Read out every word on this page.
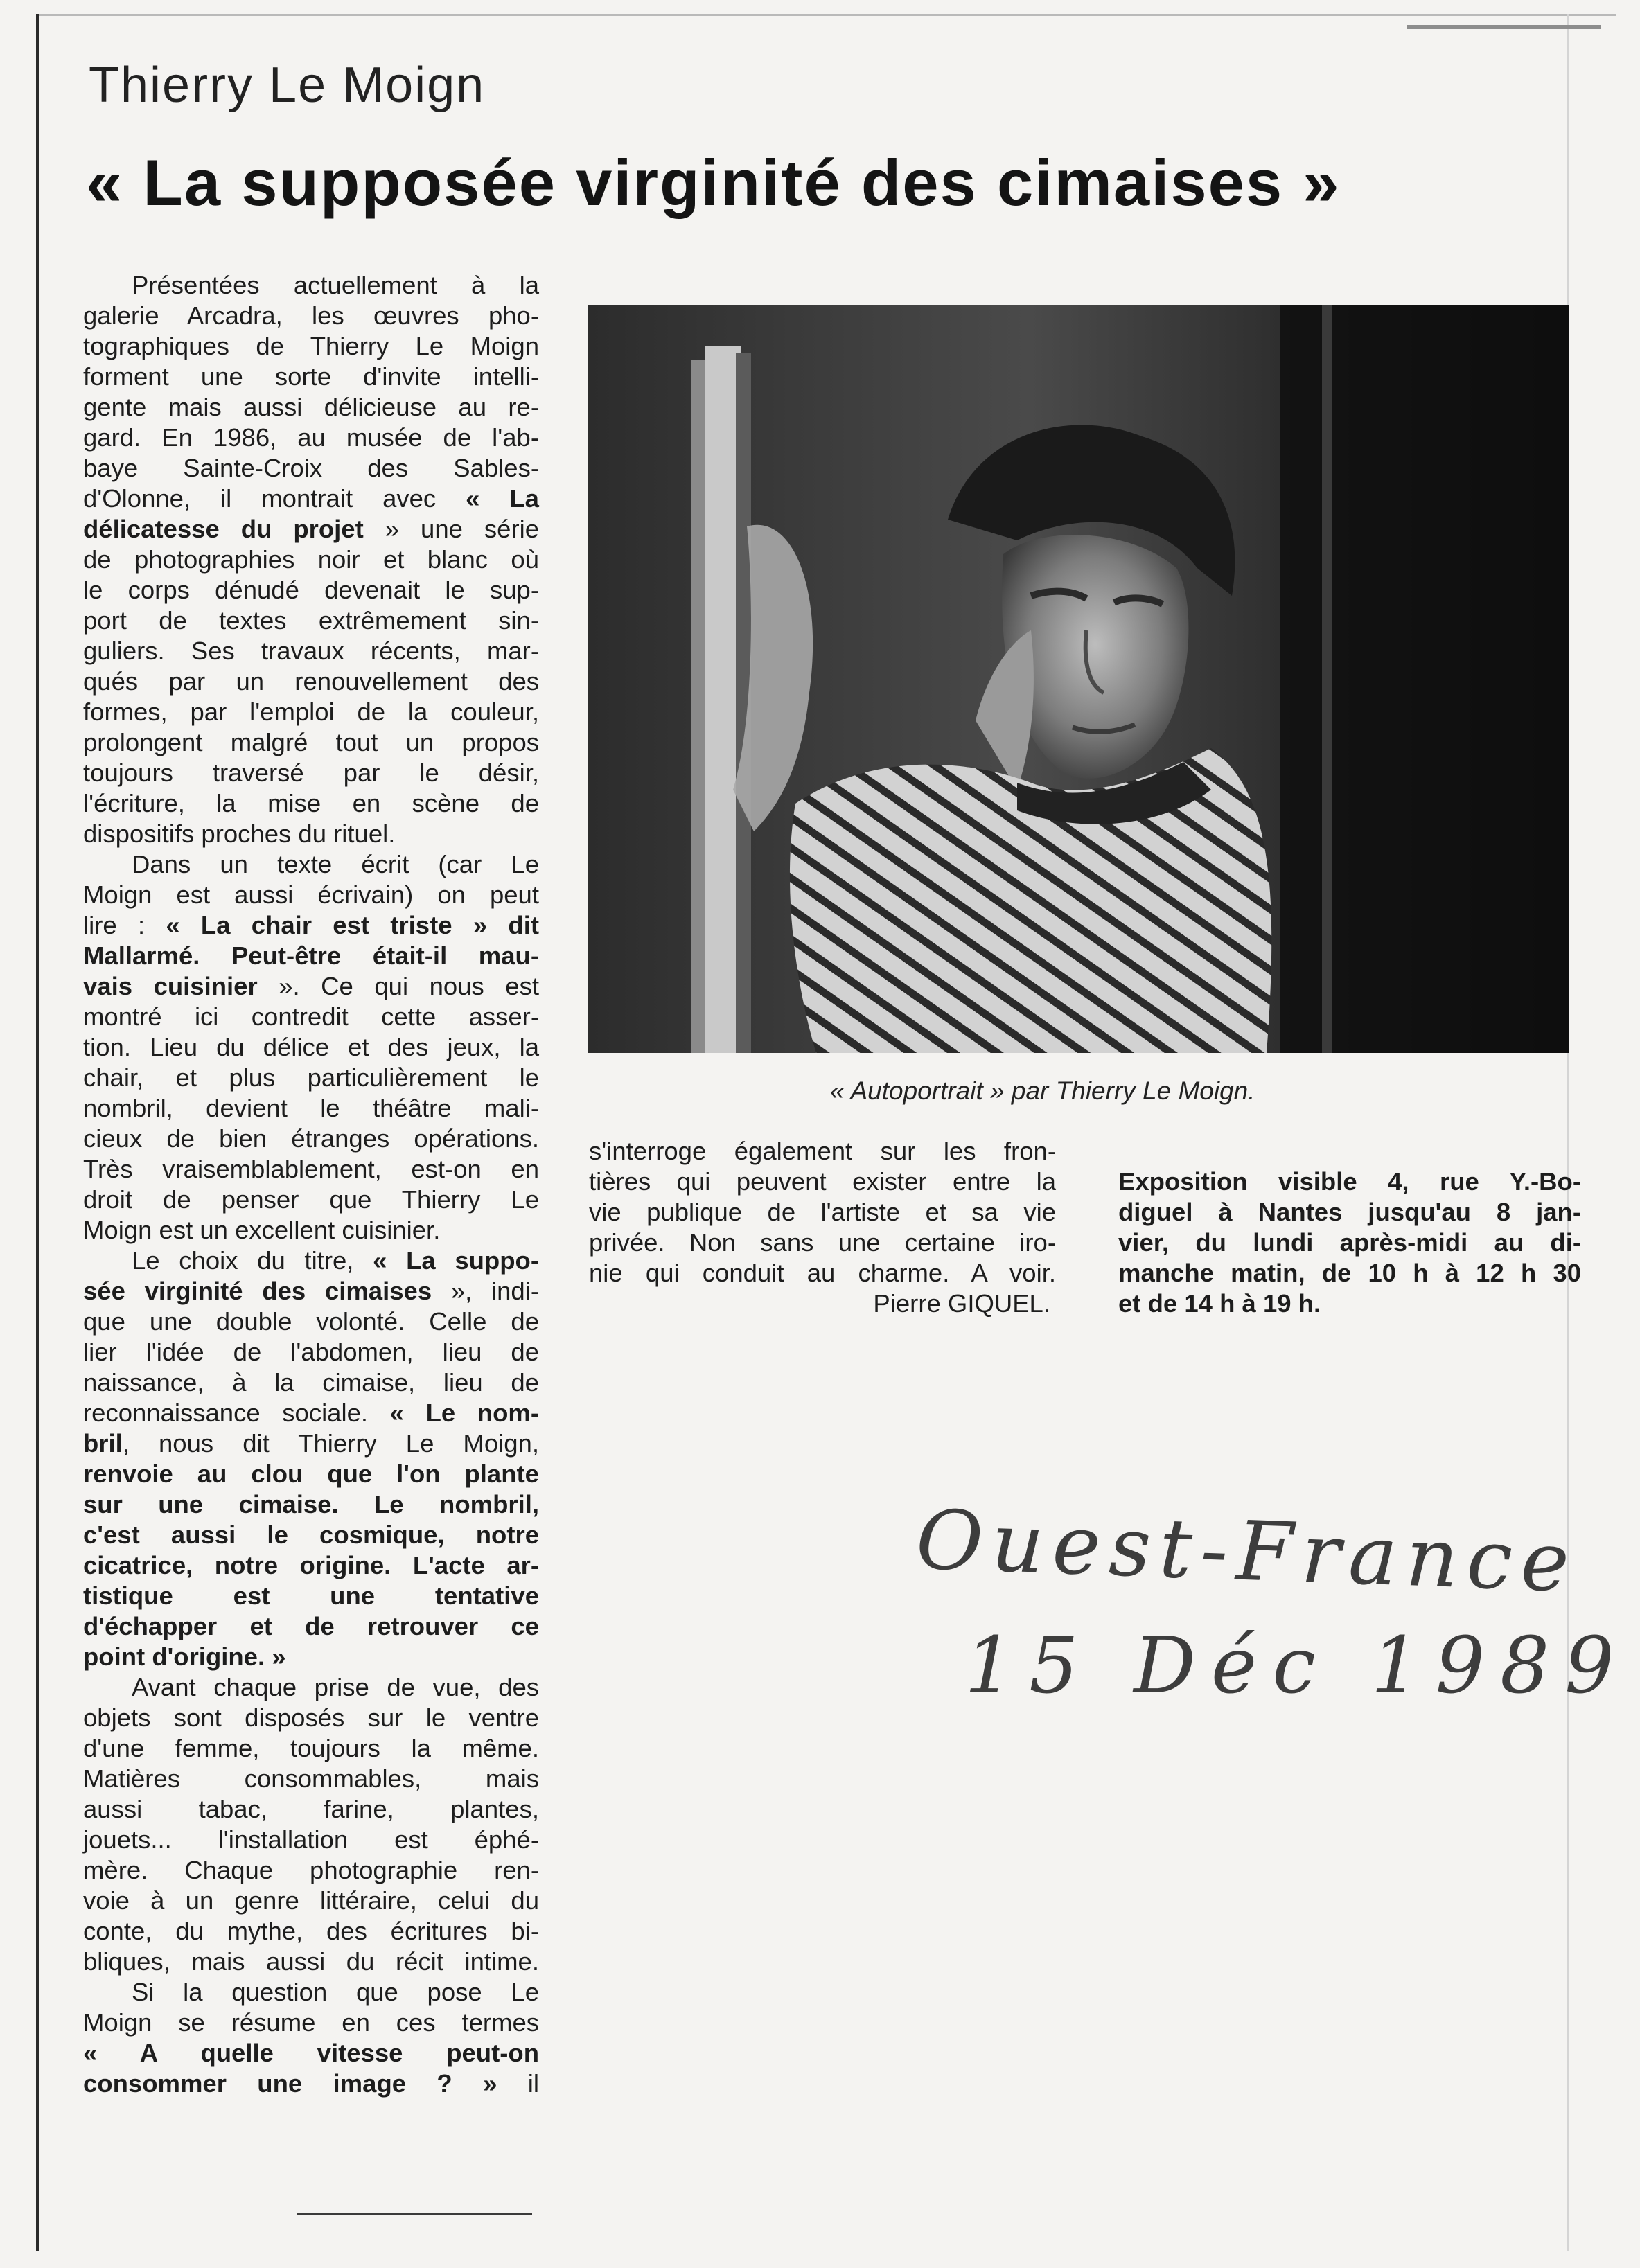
Thierry Le Moign
« La supposée virginité des cimaises »
Présentées actuellement à la
galerie Arcadra, les œuvres pho-
tographiques de Thierry Le Moign
forment une sorte d'invite intelli-
gente mais aussi délicieuse au re-
gard. En 1986, au musée de l'ab-
baye Sainte-Croix des Sables-
d'Olonne, il montrait avec « La
délicatesse du projet » une série
de photographies noir et blanc où
le corps dénudé devenait le sup-
port de textes extrêmement sin-
guliers. Ses travaux récents, mar-
qués par un renouvellement des
formes, par l'emploi de la couleur,
prolongent malgré tout un propos
toujours traversé par le désir,
l'écriture, la mise en scène de
dispositifs proches du rituel.
Dans un texte écrit (car Le
Moign est aussi écrivain) on peut
lire : « La chair est triste » dit
Mallarmé. Peut-être était-il mau-
vais cuisinier ». Ce qui nous est
montré ici contredit cette asser-
tion. Lieu du délice et des jeux, la
chair, et plus particulièrement le
nombril, devient le théâtre mali-
cieux de bien étranges opérations.
Très vraisemblablement, est-on en
droit de penser que Thierry Le
Moign est un excellent cuisinier.
Le choix du titre, « La suppo-
sée virginité des cimaises », indi-
que une double volonté. Celle de
lier l'idée de l'abdomen, lieu de
naissance, à la cimaise, lieu de
reconnaissance sociale. « Le nom-
bril, nous dit Thierry Le Moign,
renvoie au clou que l'on plante
sur une cimaise. Le nombril,
c'est aussi le cosmique, notre
cicatrice, notre origine. L'acte ar-
tistique est une tentative
d'échapper et de retrouver ce
point d'origine. »
Avant chaque prise de vue, des
objets sont disposés sur le ventre
d'une femme, toujours la même.
Matières consommables, mais
aussi tabac, farine, plantes,
jouets... l'installation est éphé-
mère. Chaque photographie ren-
voie à un genre littéraire, celui du
conte, du mythe, des écritures bi-
bliques, mais aussi du récit intime.
Si la question que pose Le
Moign se résume en ces termes
« A quelle vitesse peut-on
consommer une image ? » il
« Autoportrait » par Thierry Le Moign.
s'interroge également sur les fron-
tières qui peuvent exister entre la
vie publique de l'artiste et sa vie
privée. Non sans une certaine iro-
nie qui conduit au charme. A voir.
Pierre GIQUEL.
Exposition visible 4, rue Y.-Bo-
diguel à Nantes jusqu'au 8 jan-
vier, du lundi après-midi au di-
manche matin, de 10 h à 12 h 30
et de 14 h à 19 h.
Ouest-France
15 Déc 1989
